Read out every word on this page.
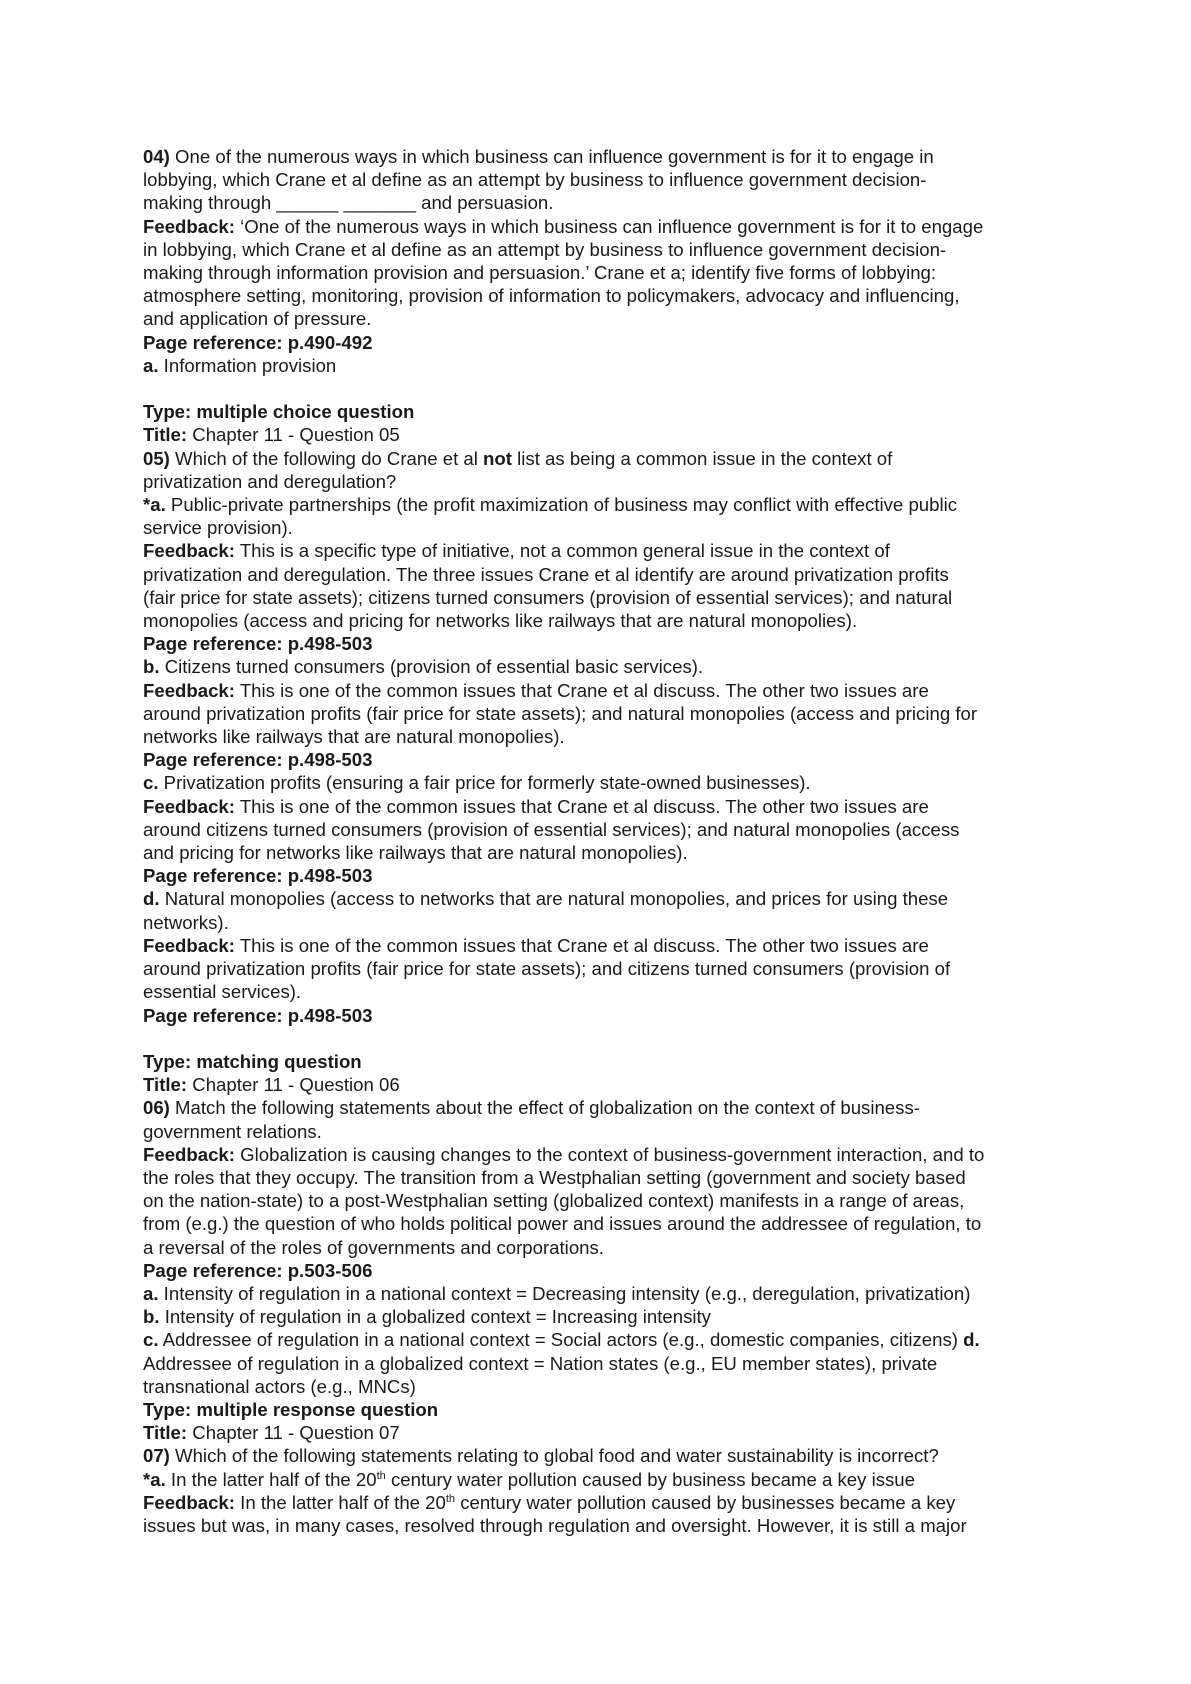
04) One of the numerous ways in which business can influence government is for it to engage in
lobbying, which Crane et al define as an attempt by business to influence government decision-
making through ______ _______ and persuasion.
Feedback: ‘One of the numerous ways in which business can influence government is for it to engage
in lobbying, which Crane et al define as an attempt by business to influence government decision-
making through information provision and persuasion.’ Crane et a; identify five forms of lobbying:
atmosphere setting, monitoring, provision of information to policymakers, advocacy and influencing,
and application of pressure.
Page reference: p.490-492
a. Information provision
Type: multiple choice question
Title: Chapter 11 - Question 05
05) Which of the following do Crane et al not list as being a common issue in the context of
privatization and deregulation?
*a. Public-private partnerships (the profit maximization of business may conflict with effective public
service provision).
Feedback: This is a specific type of initiative, not a common general issue in the context of
privatization and deregulation. The three issues Crane et al identify are around privatization profits
(fair price for state assets); citizens turned consumers (provision of essential services); and natural
monopolies (access and pricing for networks like railways that are natural monopolies).
Page reference: p.498-503
b. Citizens turned consumers (provision of essential basic services).
Feedback: This is one of the common issues that Crane et al discuss. The other two issues are
around privatization profits (fair price for state assets); and natural monopolies (access and pricing for
networks like railways that are natural monopolies).
Page reference: p.498-503
c. Privatization profits (ensuring a fair price for formerly state-owned businesses).
Feedback: This is one of the common issues that Crane et al discuss. The other two issues are
around citizens turned consumers (provision of essential services); and natural monopolies (access
and pricing for networks like railways that are natural monopolies).
Page reference: p.498-503
d. Natural monopolies (access to networks that are natural monopolies, and prices for using these
networks).
Feedback: This is one of the common issues that Crane et al discuss. The other two issues are
around privatization profits (fair price for state assets); and citizens turned consumers (provision of
essential services).
Page reference: p.498-503
Type: matching question
Title: Chapter 11 - Question 06
06) Match the following statements about the effect of globalization on the context of business-
government relations.
Feedback: Globalization is causing changes to the context of business-government interaction, and to
the roles that they occupy. The transition from a Westphalian setting (government and society based
on the nation-state) to a post-Westphalian setting (globalized context) manifests in a range of areas,
from (e.g.) the question of who holds political power and issues around the addressee of regulation, to
a reversal of the roles of governments and corporations.
Page reference: p.503-506
a. Intensity of regulation in a national context = Decreasing intensity (e.g., deregulation, privatization)
b. Intensity of regulation in a globalized context = Increasing intensity
c. Addressee of regulation in a national context = Social actors (e.g., domestic companies, citizens) d.
Addressee of regulation in a globalized context = Nation states (e.g., EU member states), private
transnational actors (e.g., MNCs)
Type: multiple response question
Title: Chapter 11 - Question 07
07) Which of the following statements relating to global food and water sustainability is incorrect?
*a. In the latter half of the 20th century water pollution caused by business became a key issue
Feedback: In the latter half of the 20th century water pollution caused by businesses became a key
issues but was, in many cases, resolved through regulation and oversight. However, it is still a major
